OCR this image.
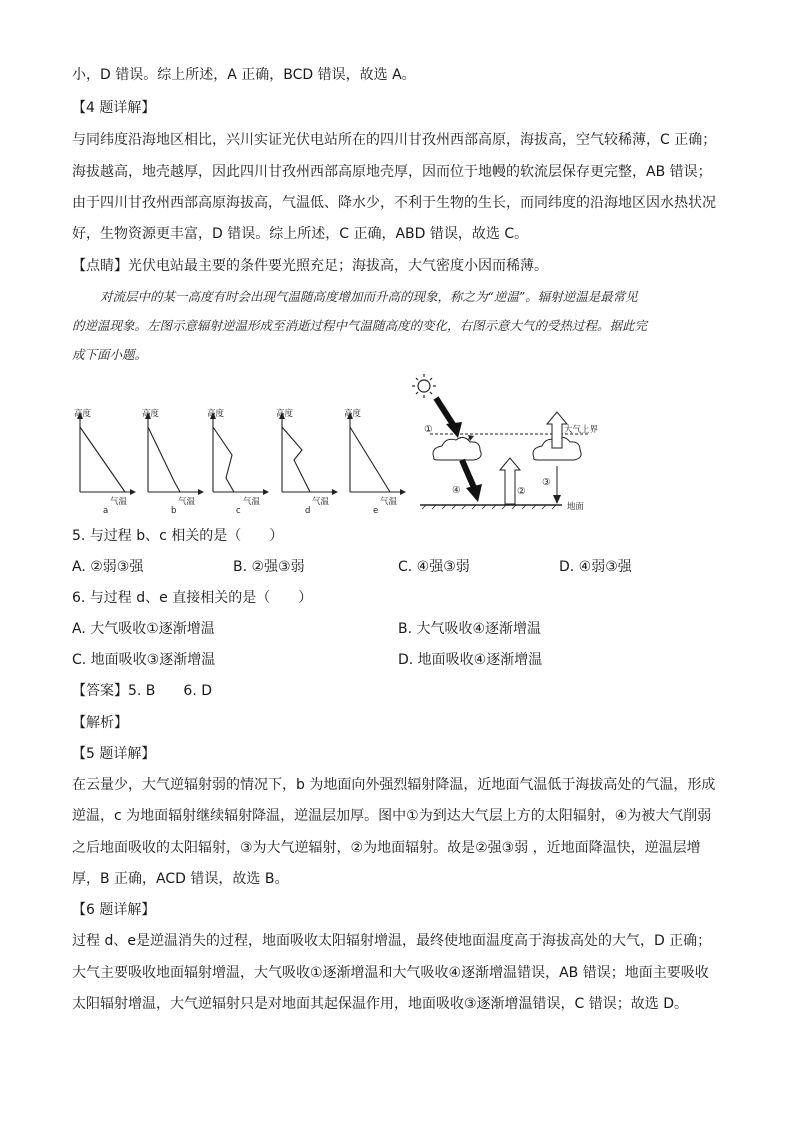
小，D 错误。综上所述，A 正确，BCD 错误，故选 A。
【4 题详解】
与同纬度沿海地区相比，兴川实证光伏电站所在的四川甘孜州西部高原，海拔高，空气较稀薄，C 正确；
海拔越高，地壳越厚，因此四川甘孜州西部高原地壳厚，因而位于地幔的软流层保存更完整，AB 错误；
由于四川甘孜州西部高原海拔高，气温低、降水少，不利于生物的生长，而同纬度的沿海地区因水热状况
好，生物资源更丰富，D 错误。综上所述，C 正确，ABD 错误，故选 C。
【点睛】光伏电站最主要的条件要光照充足；海拔高，大气密度小因而稀薄。
对流层中的某一高度有时会出现气温随高度增加而升高的现象，称之为“逆温”。辐射逆温是最常见
的逆温现象。左图示意辐射逆温形成至消逝过程中气温随高度的变化，右图示意大气的受热过程。据此完
成下面小题。
高度
气温
a
高度
气温
b
高度
气温
c
高度
气温
d
高度
气温
e
①
④	②
③
大气上界
地面
5. 与过程 b、c 相关的是（　　）
A. ②弱③强	B. ②强③弱	C. ④强③弱	D. ④弱③强
6. 与过程 d、e 直接相关的是（　　）
A. 大气吸收①逐渐增温	B. 大气吸收④逐渐增温
C. 地面吸收③逐渐增温	D. 地面吸收④逐渐增温
【答案】5. B　　6. D
【解析】
【5 题详解】
在云量少，大气逆辐射弱的情况下，b 为地面向外强烈辐射降温，近地面气温低于海拔高处的气温，形成
逆温，c 为地面辐射继续辐射降温，逆温层加厚。图中①为到达大气层上方的太阳辐射，④为被大气削弱
之后地面吸收的太阳辐射，③为大气逆辐射，②为地面辐射。故是②强③弱 ，近地面降温快，逆温层增
厚，B 正确，ACD 错误，故选 B。
【6 题详解】
过程 d、e是逆温消失的过程，地面吸收太阳辐射增温，最终使地面温度高于海拔高处的大气，D 正确；
大气主要吸收地面辐射增温，大气吸收①逐渐增温和大气吸收④逐渐增温错误，AB 错误；地面主要吸收
太阳辐射增温，大气逆辐射只是对地面其起保温作用，地面吸收③逐渐增温错误，C 错误；故选 D。
